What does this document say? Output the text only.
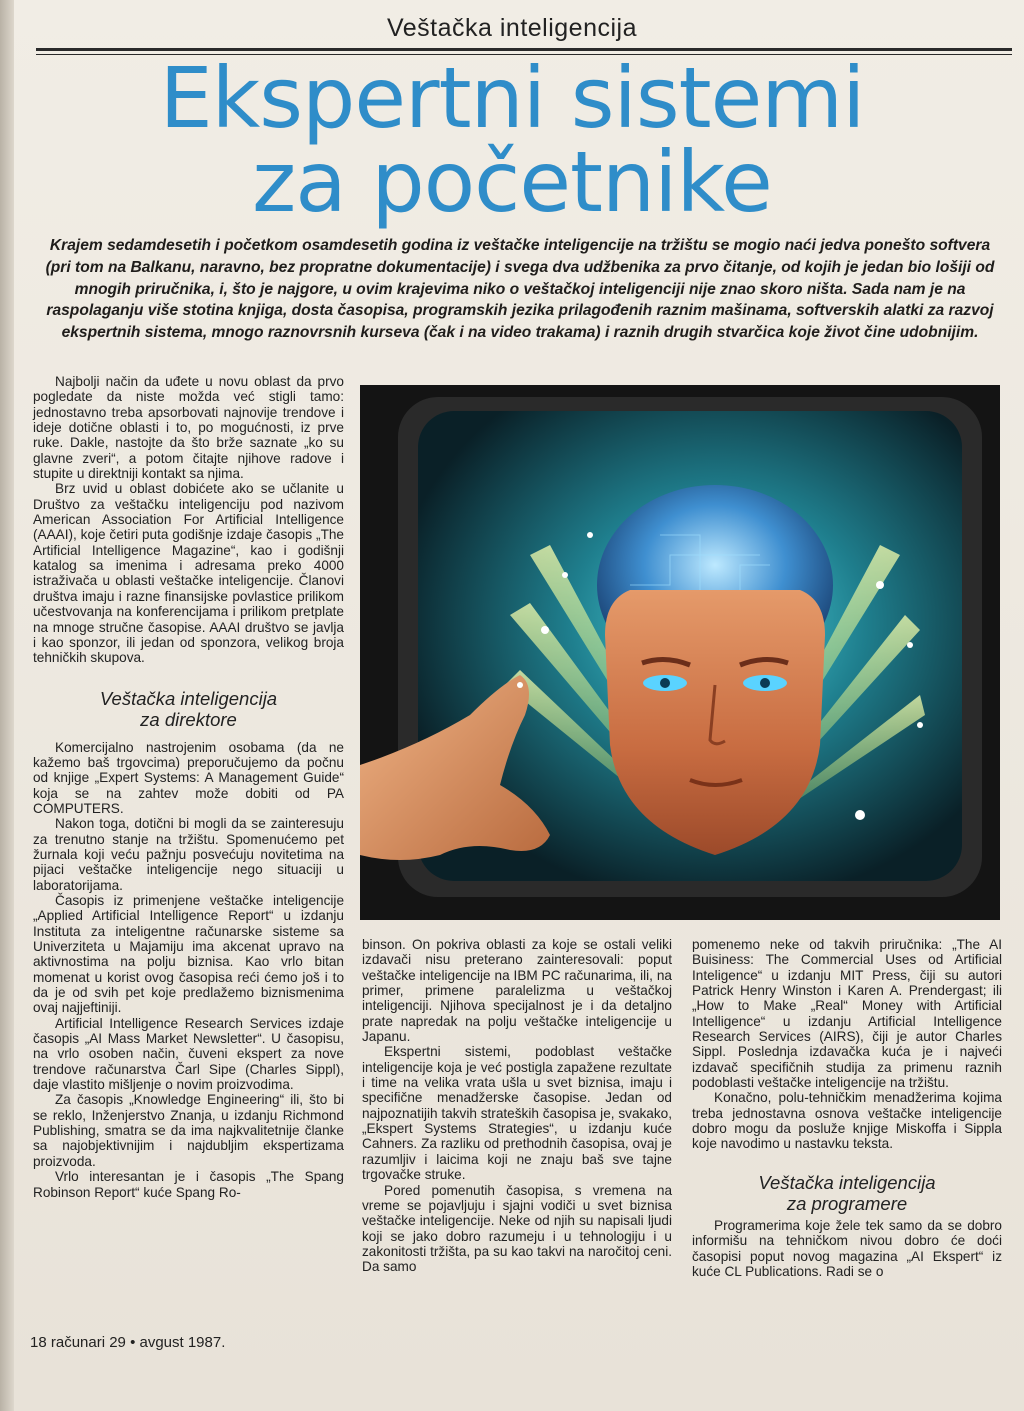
Veštačka inteligencija
Ekspertni sistemi
za početnike
Krajem sedamdesetih i početkom osamdesetih godina iz veštačke inteligencije na tržištu se mogio naći jedva ponešto softvera (pri tom na Balkanu, naravno, bez propratne dokumentacije) i svega dva udžbenika za prvo čitanje, od kojih je jedan bio lošiji od mnogih priručnika, i, što je najgore, u ovim krajevima niko o veštačkoj inteligenciji nije znao skoro ništa. Sada nam je na raspolaganju više stotina knjiga, dosta časopisa, programskih jezika prilagođenih raznim mašinama, softverskih alatki za razvoj ekspertnih sistema, mnogo raznovrsnih kurseva (čak i na video trakama) i raznih drugih stvarčica koje život čine udobnijim.

Najbolji način da uđete u novu oblast da prvo pogledate da niste možda već stigli tamo: jednostavno treba apsorbovati najnovije trendove i ideje dotične oblasti i to, po mogućnosti, iz prve ruke. Dakle, nastojte da što brže saznate „ko su glavne zveri“, a potom čitajte njihove radove i stupite u direktniji kontakt sa njima.

Brz uvid u oblast dobićete ako se učlanite u Društvo za veštačku inteligenciju pod nazivom American Association For Artificial Intelligence (AAAI), koje četiri puta godišnje izdaje časopis „The Artificial Intelligence Magazine“, kao i godišnji katalog sa imenima i adresama preko 4000 istraživača u oblasti veštačke inteligencije. Članovi društva imaju i razne finansijske povlastice prilikom učestvovanja na konferencijama i prilikom pretplate na mnoge stručne časopise. AAAI društvo se javlja i kao sponzor, ili jedan od sponzora, velikog broja tehničkih skupova.

Veštačka inteligencija
za direktore

Komercijalno nastrojenim osobama (da ne kažemo baš trgovcima) preporučujemo da počnu od knjige „Expert Systems: A Management Guide“ koja se na zahtev može dobiti od PA COMPUTERS.

Nakon toga, dotični bi mogli da se zainteresuju za trenutno stanje na tržištu. Spomenućemo pet žurnala koji veću pažnju posvećuju novitetima na pijaci veštačke inteligencije nego situaciji u laboratorijama.

Časopis iz primenjene veštačke inteligencije „Applied Artificial Intelligence Report“ u izdanju Instituta za inteligentne računarske sisteme sa Univerziteta u Majamiju ima akcenat upravo na aktivnostima na polju biznisa. Kao vrlo bitan momenat u korist ovog časopisa reći ćemo još i to da je od svih pet koje predlažemo biznismenima ovaj najjeftiniji.

Artificial Intelligence Research Services izdaje časopis „AI Mass Market Newsletter“. U časopisu, na vrlo osoben način, čuveni ekspert za nove trendove računarstva Čarl Sipe (Charles Sippl), daje vlastito mišljenje o novim proizvodima.

Za časopis „Knowledge Engineering“ ili, što bi se reklo, Inženjerstvo Znanja, u izdanju Richmond Publishing, smatra se da ima najkvalitetnije članke sa najobjektivnijim i najdubljim ekspertizama proizvoda.

Vrlo interesantan je i časopis „The Spang Robinson Report“ kuće Spang Ro-

binson. On pokriva oblasti za koje se ostali veliki izdavači nisu preterano zainteresovali: poput veštačke inteligencije na IBM PC računarima, ili, na primer, primene paralelizma u veštačkoj inteligenciji. Njihova specijalnost je i da detaljno prate napredak na polju veštačke inteligencije u Japanu.

Ekspertni sistemi, podoblast veštačke inteligencije koja je već postigla zapažene rezultate i time na velika vrata ušla u svet biznisa, imaju i specifične menadžerske časopise. Jedan od najpoznatijih takvih strateških časopisa je, svakako, „Ekspert Systems Strategies“, u izdanju kuće Cahners. Za razliku od prethodnih časopisa, ovaj je razumljiv i laicima koji ne znaju baš sve tajne trgovačke struke.

Pored pomenutih časopisa, s vremena na vreme se pojavljuju i sjajni vodiči u svet biznisa veštačke inteligencije. Neke od njih su napisali ljudi koji se jako dobro razumeju i u tehnologiju i u zakonitosti tržišta, pa su kao takvi na naročitoj ceni. Da samo

pomenemo neke od takvih priručnika: „The AI Buisiness: The Commercial Uses od Artificial Inteligence“ u izdanju MIT Press, čiji su autori Patrick Henry Winston i Karen A. Prendergast; ili „How to Make „Real“ Money with Artificial Intelligence“ u izdanju Artificial Intelligence Research Services (AIRS), čiji je autor Charles Sippl. Poslednja izdavačka kuća je i najveći izdavač specifičnih studija za primenu raznih podoblasti veštačke inteligencije na tržištu.

Konačno, polu-tehničkim menadžerima kojima treba jednostavna osnova veštačke inteligencije dobro mogu da posluže knjige Miskoffa i Sippla koje navodimo u nastavku teksta.

Veštačka inteligencija
za programere

Programerima koje žele tek samo da se dobro informišu na tehničkom nivou dobro će doći časopisi poput novog magazina „AI Ekspert“ iz kuće CL Publications. Radi se o

18 računari 29 • avgust 1987.
